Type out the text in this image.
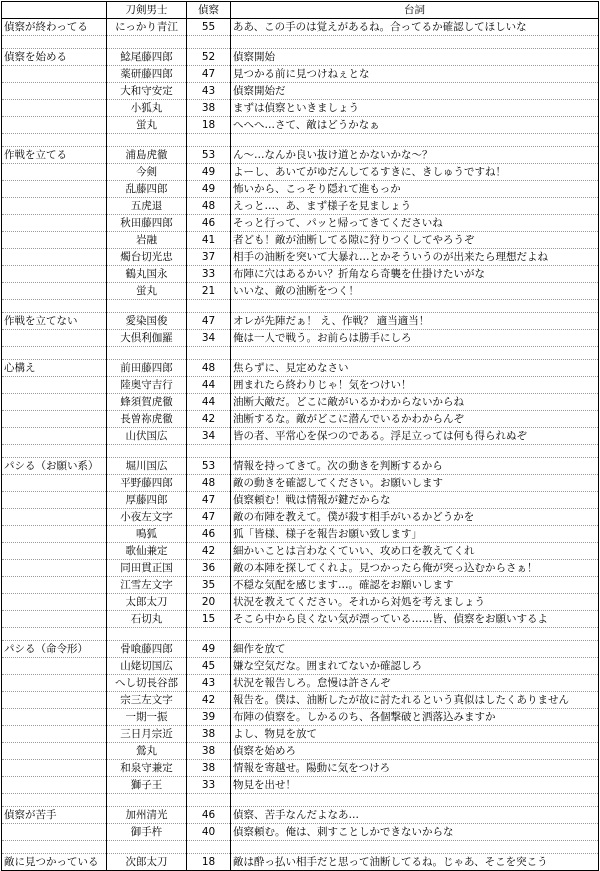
	刀剣男士	偵察	台詞
偵察が終わってる	にっかり青江	55	ああ、この手のは覚えがあるね。合ってるか確認してほしいな

偵察を始める	鯰尾藤四郎	52	偵察開始
	薬研藤四郎	47	見つかる前に見つけねぇとな
	大和守安定	43	偵察開始だ
	小狐丸	38	まずは偵察といきましょう
	蛍丸	18	へへへ…さて、敵はどうかなぁ

作戦を立てる	浦島虎徹	53	ん〜…なんか良い抜け道とかないかな〜？
	今剣	49	よーし、あいてがゆだんしてるすきに、きしゅうですね！
	乱藤四郎	49	怖いから、こっそり隠れて進もっか
	五虎退	48	えっと…、あ、まず様子を見ましょう
	秋田藤四郎	46	そっと行って、パッと帰ってきてくださいね
	岩融	41	者ども！敵が油断してる隙に狩りつくしてやろうぞ
	燭台切光忠	37	相手の油断を突いて大暴れ…とかそういうのが出来たら理想だよね
	鶴丸国永	33	布陣に穴はあるかい？折角なら奇襲を仕掛けたいがな
	蛍丸	21	いいな、敵の油断をつく！

作戦を立てない	愛染国俊	47	オレが先陣だぁ！ え、作戦？ 適当適当！
	大倶利伽羅	34	俺は一人で戦う。お前らは勝手にしろ

心構え	前田藤四郎	48	焦らずに、見定めなさい
	陸奥守吉行	44	囲まれたら終わりじゃ！気をつけい！
	蜂須賀虎徹	44	油断大敵だ。どこに敵がいるかわからないからね
	長曽祢虎徹	42	油断するな。敵がどこに潜んでいるかわからんぞ
	山伏国広	34	皆の者、平常心を保つのである。浮足立っては何も得られぬぞ

パシる（お願い系）	堀川国広	53	情報を持ってきて。次の動きを判断するから
	平野藤四郎	48	敵の動きを確認してください。お願いします
	厚藤四郎	47	偵察頼む！戦は情報が鍵だからな
	小夜左文字	47	敵の布陣を教えて。僕が殺す相手がいるかどうかを
	鳴狐	46	狐「皆様、様子を報告お願い致します」
	歌仙兼定	42	細かいことは言わなくていい、攻め口を教えてくれ
	同田貫正国	36	敵の本陣を探してくれよ。見つかったら俺が突っ込むからさぁ！
	江雪左文字	35	不穏な気配を感じます…。確認をお願いします
	太郎太刀	20	状況を教えてください。それから対処を考えましょう
	石切丸	15	そこら中から良くない気が漂っている……皆、偵察をお願いするよ

パシる（命令形）	骨喰藤四郎	49	細作を放て
	山姥切国広	45	嫌な空気だな。囲まれてないか確認しろ
	へし切長谷部	43	状況を報告しろ。怠慢は許さんぞ
	宗三左文字	42	報告を。僕は、油断したが故に討たれるという真似はしたくありません
	一期一振	39	布陣の偵察を。しかるのち、各個撃破と洒落込みますか
	三日月宗近	38	よし、物見を放て
	鶯丸	38	偵察を始めろ
	和泉守兼定	38	情報を寄越せ。陽動に気をつけろ
	獅子王	33	物見を出せ！

偵察が苦手	加州清光	46	偵察、苦手なんだよなあ…
	御手杵	40	偵察頼む。俺は、刺すことしかできないからな

敵に見つかっている	次郎太刀	18	敵は酔っ払い相手だと思って油断してるね。じゃあ、そこを突こう
